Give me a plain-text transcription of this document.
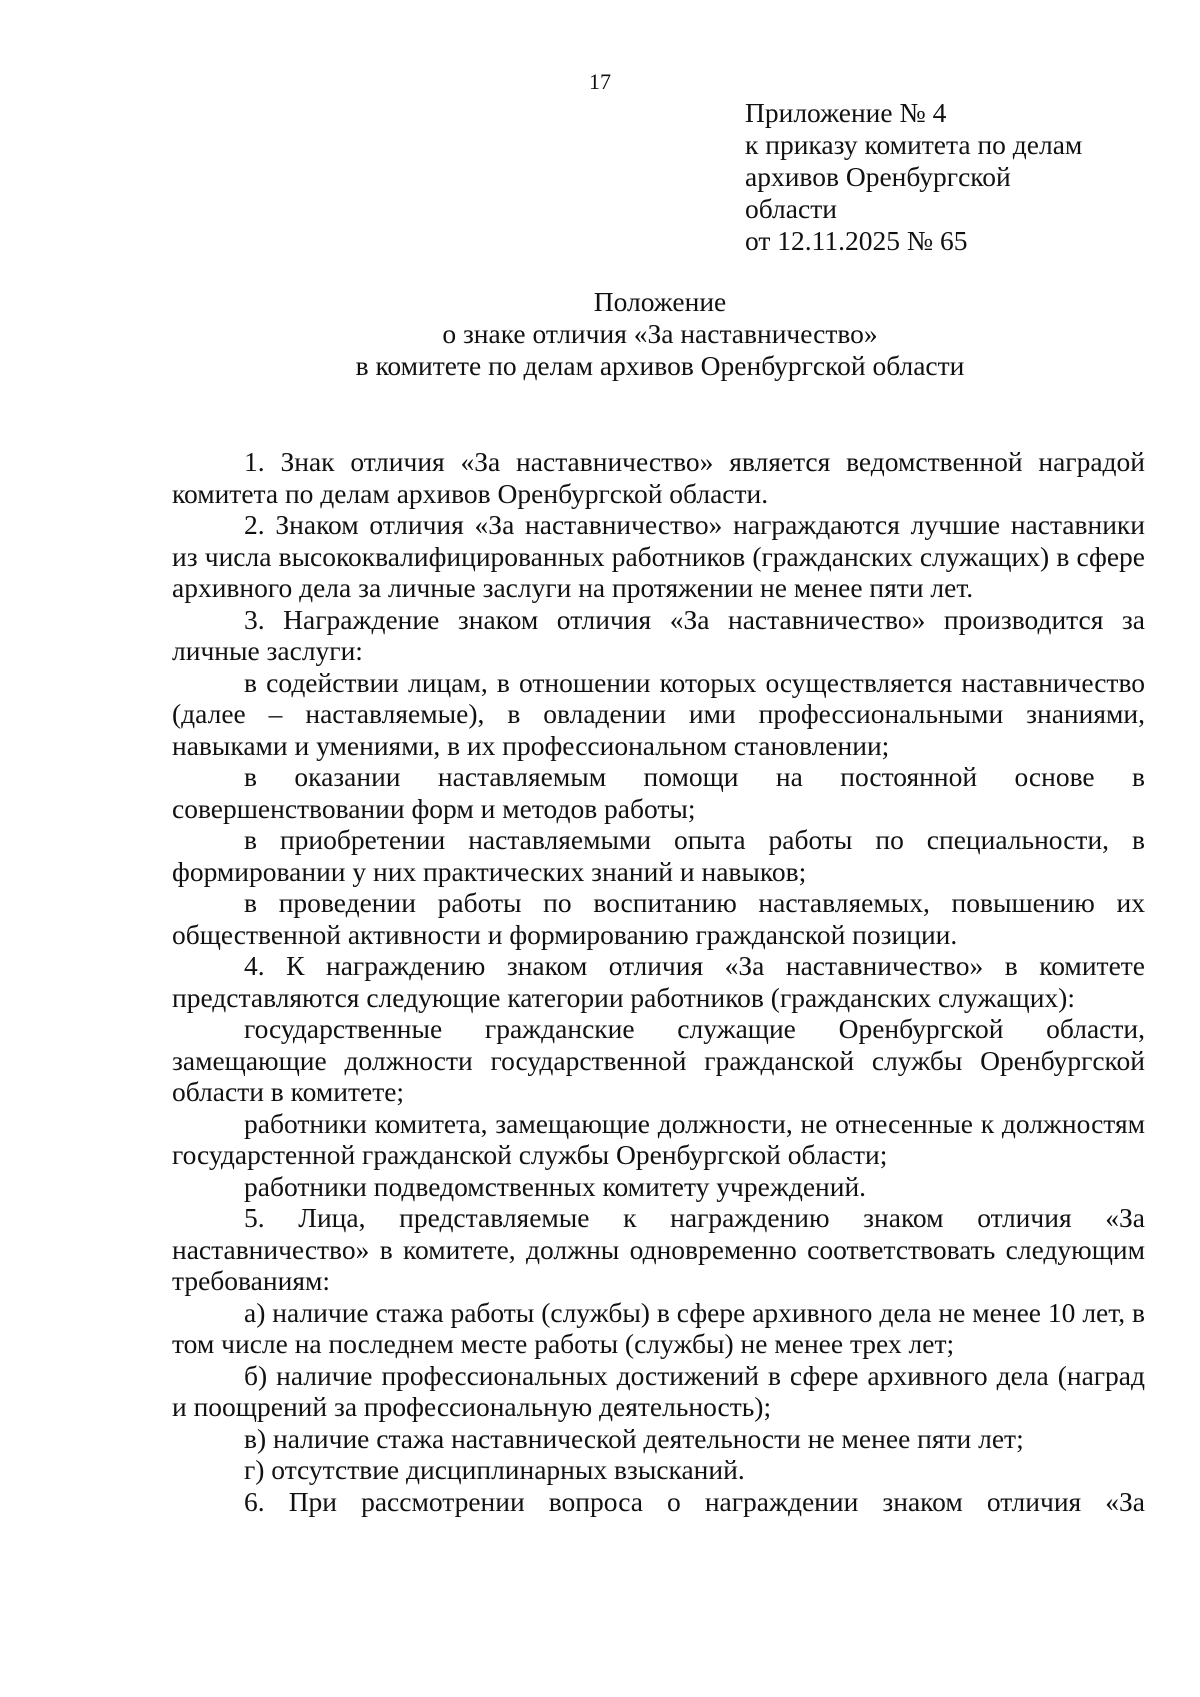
17
Приложение № 4
к приказу комитета по делам
архивов Оренбургской
области
от 12.11.2025 № 65
Положение
о знаке отличия «За наставничество»
в комитете по делам архивов Оренбургской области

1. Знак отличия «За наставничество» является ведомственной наградой комитета по делам архивов Оренбургской области.

2. Знаком отличия «За наставничество» награждаются лучшие наставники из числа высококвалифицированных работников (гражданских служащих) в сфере архивного дела за личные заслуги на протяжении не менее пяти лет.

3. Награждение знаком отличия «За наставничество» производится за личные заслуги:

в содействии лицам, в отношении которых осуществляется наставничество (далее – наставляемые), в овладении ими профессиональными знаниями, навыками и умениями, в их профессиональном становлении;

в оказании наставляемым помощи на постоянной основе в совершенствовании форм и методов работы;

в приобретении наставляемыми опыта работы по специальности, в формировании у них практических знаний и навыков;

в проведении работы по воспитанию наставляемых, повышению их общественной активности и формированию гражданской позиции.

4. К награждению знаком отличия «За наставничество» в комитете представляются следующие категории работников (гражданских служащих):

государственные гражданские служащие Оренбургской области, замещающие должности государственной гражданской службы Оренбургской области в комитете;

работники комитета, замещающие должности, не отнесенные к должностям государстенной гражданской службы Оренбургской области;

работники подведомственных комитету учреждений.

5. Лица, представляемые к награждению знаком отличия «За наставничество» в комитете, должны одновременно соответствовать следующим требованиям:

а) наличие стажа работы (службы) в сфере архивного дела не менее 10 лет, в том числе на последнем месте работы (службы) не менее трех лет;

б) наличие профессиональных достижений в сфере архивного дела (наград и поощрений за профессиональную деятельность);

в) наличие стажа наставнической деятельности не менее пяти лет;

г) отсутствие дисциплинарных взысканий.

6. При рассмотрении вопроса о награждении знаком отличия «За
